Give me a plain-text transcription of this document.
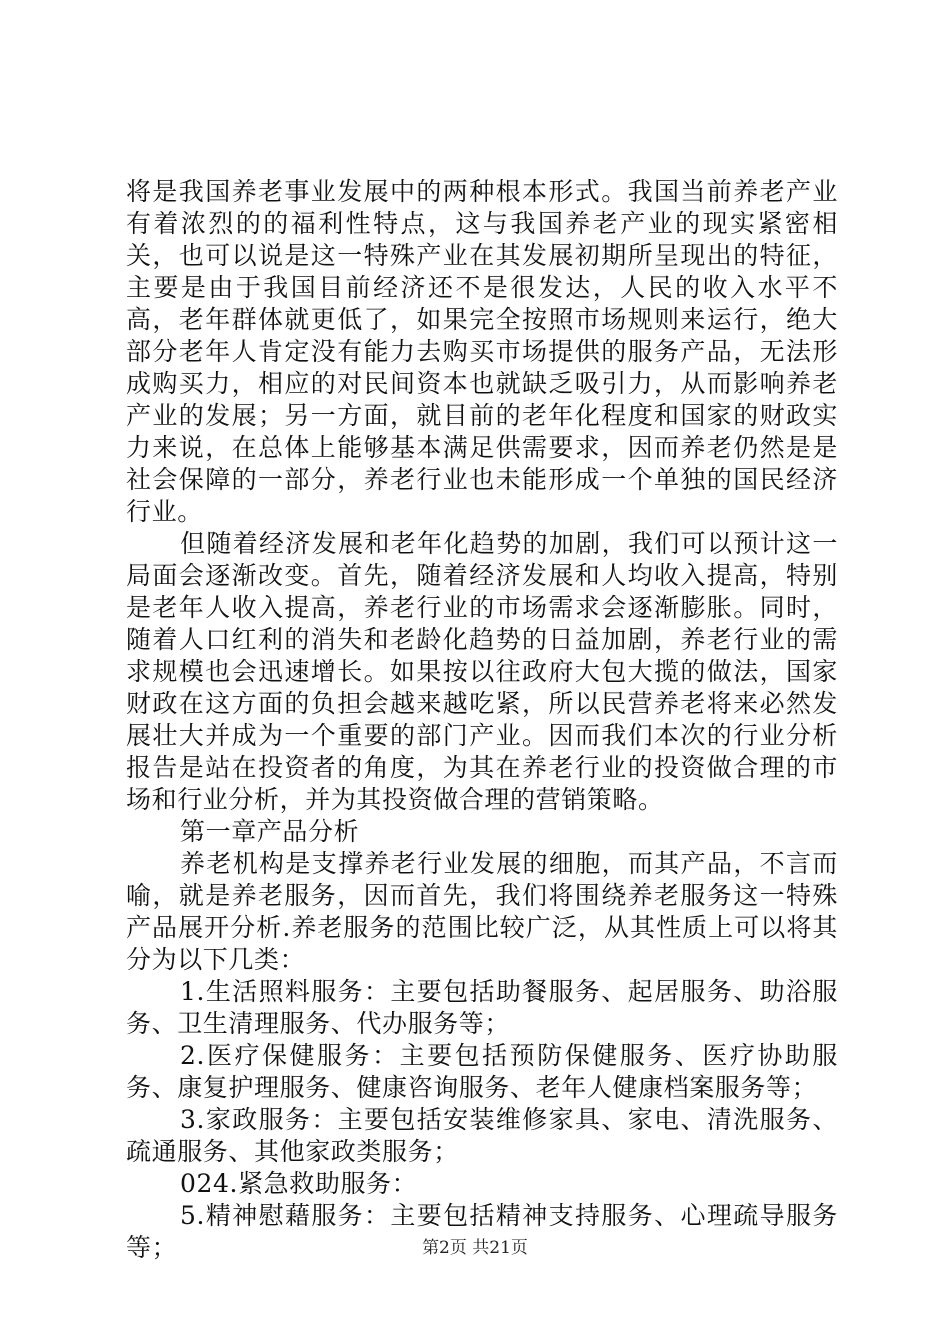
将是我国养老事业发展中的两种根本形式。我国当前养老产业有着浓烈的的福利性特点，这与我国养老产业的现实紧密相关，也可以说是这一特殊产业在其发展初期所呈现出的特征，主要是由于我国目前经济还不是很发达，人民的收入水平不高，老年群体就更低了，如果完全按照市场规则来运行，绝大部分老年人肯定没有能力去购买市场提供的服务产品，无法形成购买力，相应的对民间资本也就缺乏吸引力，从而影响养老产业的发展；另一方面，就目前的老年化程度和国家的财政实力来说，在总体上能够基本满足供需要求，因而养老仍然是是社会保障的一部分，养老行业也未能形成一个单独的国民经济行业。

但随着经济发展和老年化趋势的加剧，我们可以预计这一局面会逐渐改变。首先，随着经济发展和人均收入提高，特别是老年人收入提高，养老行业的市场需求会逐渐膨胀。同时，随着人口红利的消失和老龄化趋势的日益加剧，养老行业的需求规模也会迅速增长。如果按以往政府大包大揽的做法，国家财政在这方面的负担会越来越吃紧，所以民营养老将来必然发展壮大并成为一个重要的部门产业。因而我们本次的行业分析报告是站在投资者的角度，为其在养老行业的投资做合理的市场和行业分析，并为其投资做合理的营销策略。

第一章产品分析

养老机构是支撑养老行业发展的细胞，而其产品，不言而喻，就是养老服务，因而首先，我们将围绕养老服务这一特殊产品展开分析.养老服务的范围比较广泛，从其性质上可以将其分为以下几类：

1.生活照料服务：主要包括助餐服务、起居服务、助浴服务、卫生清理服务、代办服务等；

2.医疗保健服务：主要包括预防保健服务、医疗协助服务、康复护理服务、健康咨询服务、老年人健康档案服务等；

3.家政服务：主要包括安装维修家具、家电、清洗服务、疏通服务、其他家政类服务；

024.紧急救助服务：

5.精神慰藉服务：主要包括精神支持服务、心理疏导服务等；	第2页 共21页
